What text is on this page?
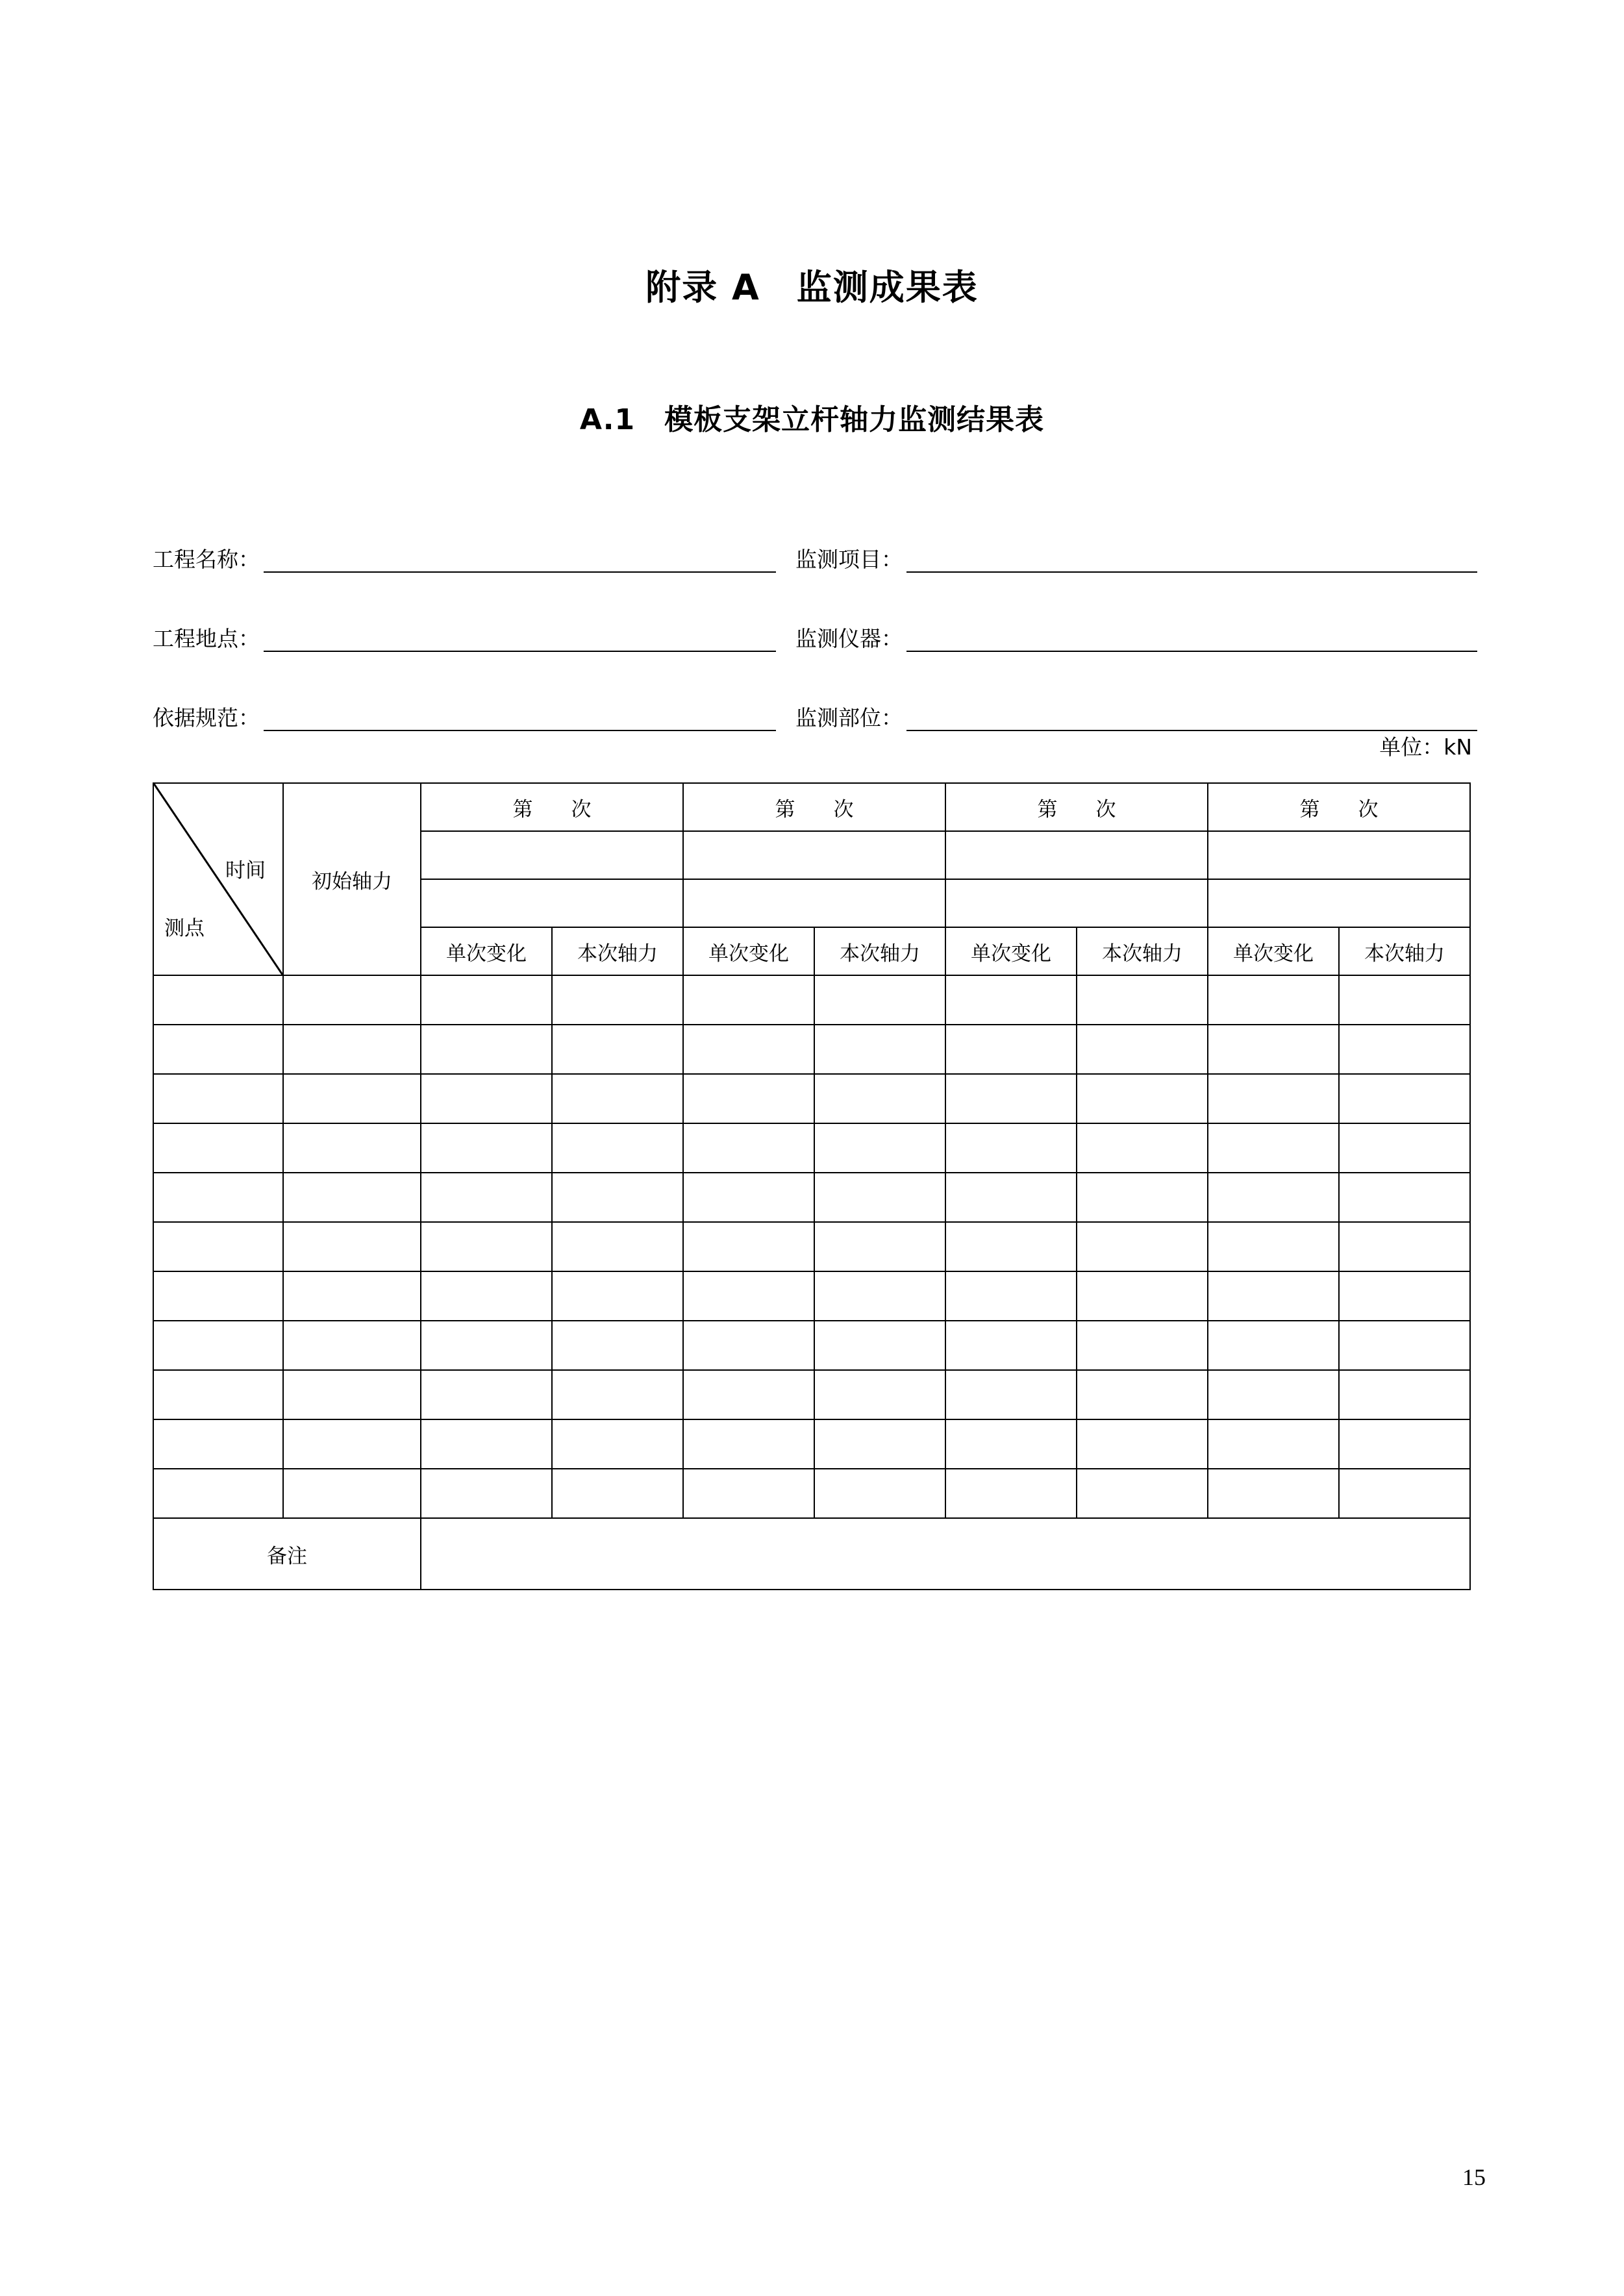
附录 A　监测成果表
A.1　模板支架立杆轴力监测结果表
工程名称：	监测项目：
工程地点：	监测仪器：
依据规范：	监测部位：
单位：kN
时间
测点	初始轴力	第　次		第　次		第　次		第　次	

		单次变化	本次轴力	单次变化	本次轴力	单次变化	本次轴力	单次变化	本次轴力

备注									
15
